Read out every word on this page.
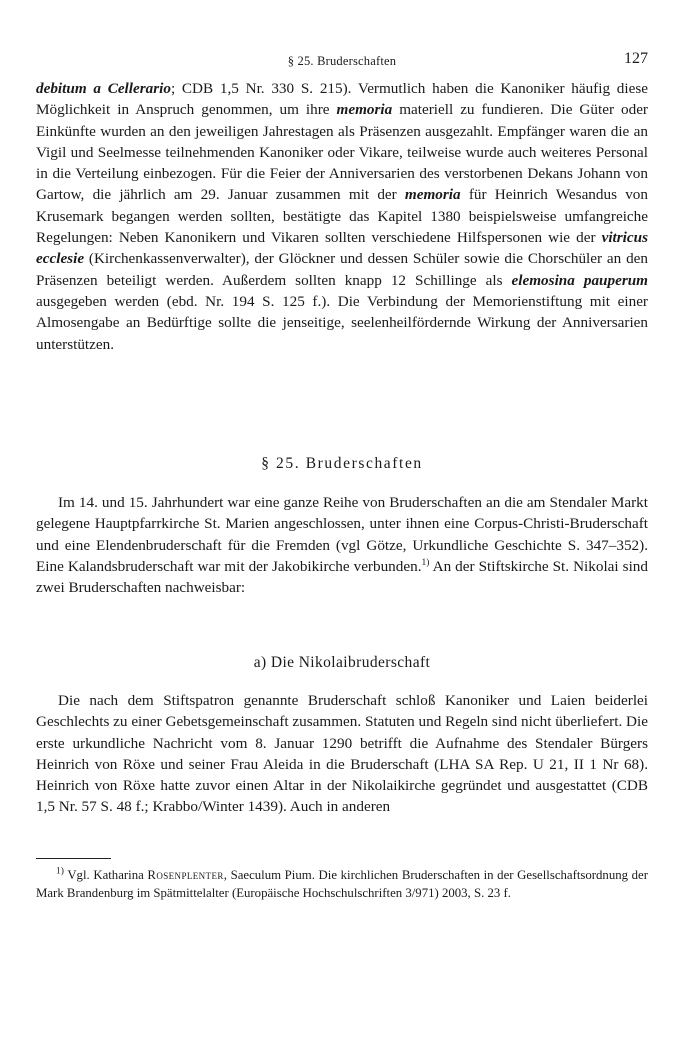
§ 25. Bruderschaften	127

debitum a Cellerario; CDB 1,5 Nr. 330 S. 215). Vermutlich haben die Kanoniker häufig diese Möglichkeit in Anspruch genommen, um ihre memoria materiell zu fundieren. Die Güter oder Einkünfte wurden an den jeweiligen Jahrestagen als Präsenzen ausgezahlt. Empfänger waren die an Vigil und Seelmesse teilnehmenden Kanoniker oder Vikare, teilweise wurde auch weiteres Personal in die Verteilung einbezogen. Für die Feier der Anniversarien des verstorbenen Dekans Johann von Gartow, die jährlich am 29. Januar zusammen mit der memoria für Heinrich Wesandus von Krusemark begangen werden sollten, bestätigte das Kapitel 1380 beispielsweise umfangreiche Regelungen: Neben Kanonikern und Vikaren sollten verschiedene Hilfspersonen wie der vitricus ecclesie (Kirchenkassenverwalter), der Glöckner und dessen Schüler sowie die Chorschüler an den Präsenzen beteiligt werden. Außerdem sollten knapp 12 Schillinge als elemosina pauperum ausgegeben werden (ebd. Nr. 194 S. 125 f.). Die Verbindung der Memorienstiftung mit einer Almosengabe an Bedürftige sollte die jenseitige, seelenheilfördernde Wirkung der Anniversarien unterstützen.

§ 25. Bruderschaften

Im 14. und 15. Jahrhundert war eine ganze Reihe von Bruderschaften an die am Stendaler Markt gelegene Hauptpfarrkirche St. Marien angeschlossen, unter ihnen eine Corpus-Christi-Bruderschaft und eine Elendenbruderschaft für die Fremden (vgl Götze, Urkundliche Geschichte S. 347–352). Eine Kalandsbruderschaft war mit der Jakobikirche verbunden.$^{1)}$ An der Stiftskirche St. Nikolai sind zwei Bruderschaften nachweisbar:

a) Die Nikolaibruderschaft

Die nach dem Stiftspatron genannte Bruderschaft schloß Kanoniker und Laien beiderlei Geschlechts zu einer Gebetsgemeinschaft zusammen. Statuten und Regeln sind nicht überliefert. Die erste urkundliche Nachricht vom 8. Januar 1290 betrifft die Aufnahme des Stendaler Bürgers Heinrich von Röxe und seiner Frau Aleida in die Bruderschaft (LHA SA Rep. U 21, II 1 Nr 68). Heinrich von Röxe hatte zuvor einen Altar in der Nikolaikirche gegründet und ausgestattet (CDB 1,5 Nr. 57 S. 48 f.; Krabbo/Winter 1439). Auch in anderen

$^{1)}$ Vgl. Katharina Rosenplenter, Saeculum Pium. Die kirchlichen Bruderschaften in der Gesellschaftsordnung der Mark Brandenburg im Spätmittelalter (Europäische Hochschulschriften 3/971) 2003, S. 23 f.
